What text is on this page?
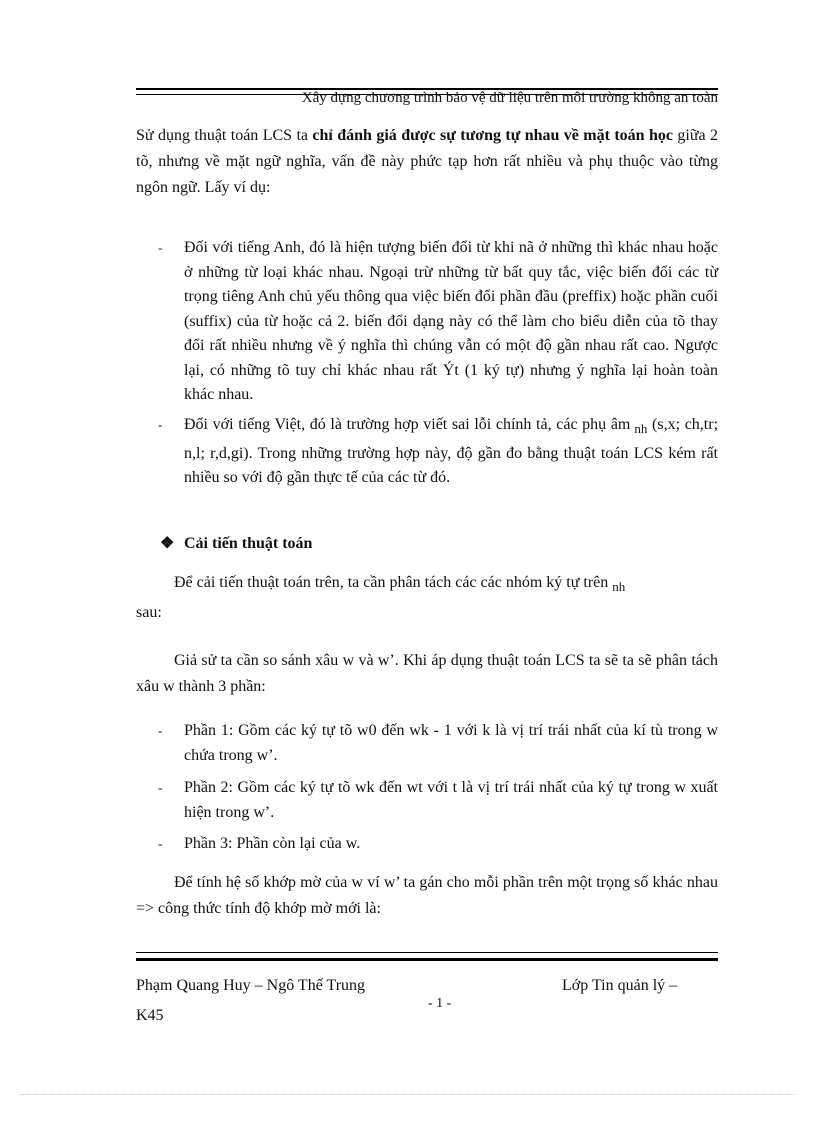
Xây dựng chương trình bảo vệ dữ liệu trên môi trường không an toàn
Sử dụng thuật toán LCS ta chỉ đánh giá được sự tương tự nhau về mặt toán học giữa 2 tõ, nhưng về mặt ngữ nghĩa, vấn đề này phức tạp hơn rất nhiều và phụ thuộc vào từng ngôn ngữ. Lấy ví dụ:
- Đối với tiếng Anh, đó là hiện tượng biến đổi từ khi nã ở những thì khác nhau hoặc ở những từ loại khác nhau. Ngoại trừ những từ bất quy tắc, việc biến đổi các từ trọng tiêng Anh chủ yếu thông qua việc biến đổi phần đầu (preffix) hoặc phần cuối (suffix) của từ hoặc cả 2. biến đổi dạng này có thể làm cho biểu diễn của tõ thay đổi rất nhiều nhưng về ý nghĩa thì chúng vẫn có một độ gần nhau rất cao. Ngược lại, có những tõ tuy chỉ khác nhau rất Ýt (1 ký tự) nhưng ý nghĩa lại hoàn toàn khác nhau.
- Đối với tiếng Việt, đó là trường hợp viết sai lỗi chính tả, các phụ âm $_{nh}$ (s,x; ch,tr; n,l; r,d,gi). Trong những trường hợp này, độ gần đo bằng thuật toán LCS kém rất nhiều so với độ gần thực tế của các từ đó.
❖ Cải tiến thuật toán
Để cải tiến thuật toán trên, ta cần phân tách các các nhóm ký tự trên $_{nh}$
sau:
Giả sử ta cần so sánh xâu w và w’. Khi áp dụng thuật toán LCS ta sẽ ta sẽ phân tách xâu w thành 3 phần:
- Phần 1: Gồm các ký tự tõ w0 đến wk - 1 với k là vị trí trái nhất của kí tù trong w chứa trong w’.
- Phần 2: Gồm các ký tự tõ wk đến wt với t là vị trí trái nhất của ký tự trong w xuất hiện trong w’.
- Phần 3: Phần còn lại của w.
Để tính hệ số khớp mờ của w ví w’ ta gán cho mỗi phần trên một trọng số khác nhau => công thức tính độ khớp mờ mới là:
Phạm Quang Huy – Ngô Thế Trung	Lớp Tin quản lý –
- 1 -
K45
